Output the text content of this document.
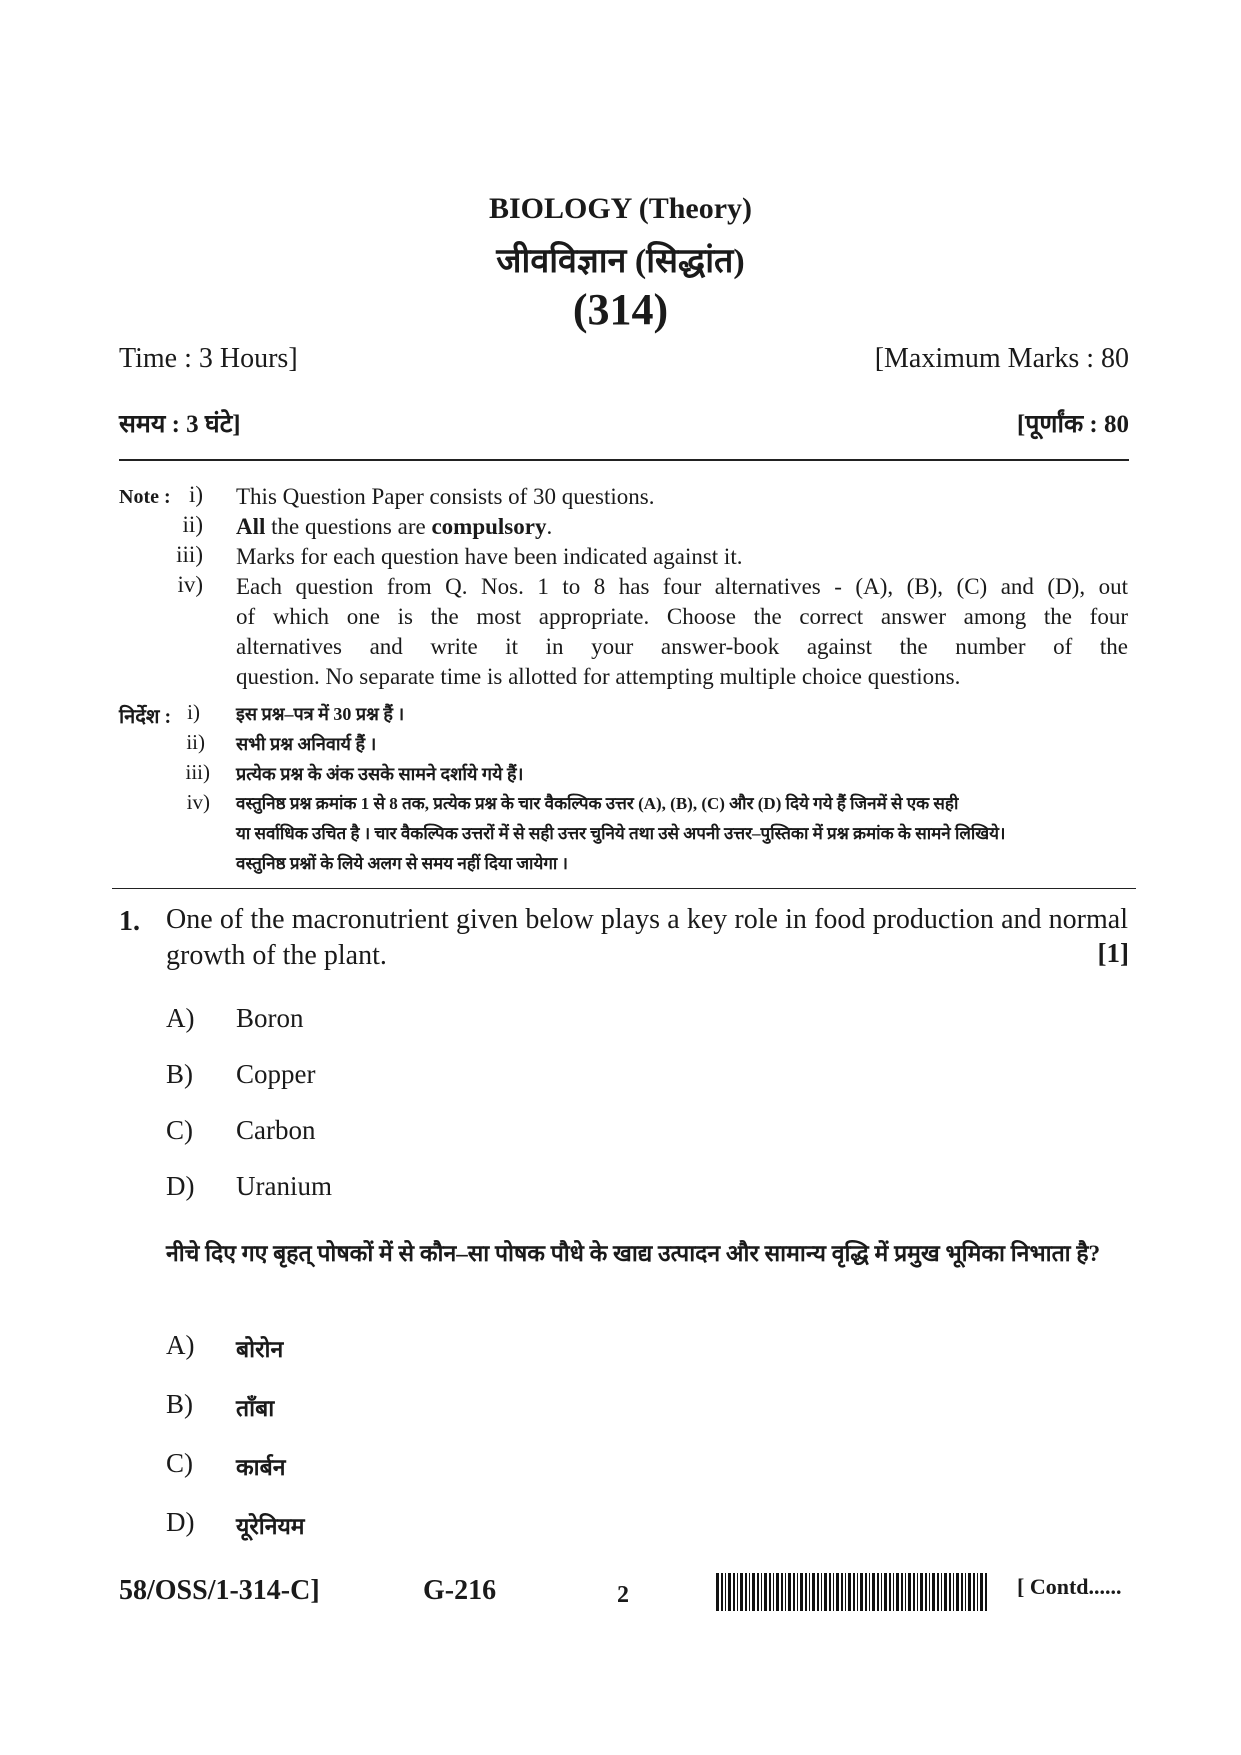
BIOLOGY (Theory)
जीवविज्ञान (सिद्धांत)
(314)
Time : 3 Hours]	[Maximum Marks : 80
समय : 3 घंटे]	[पूर्णांक : 80
Note : i) This Question Paper consists of 30 questions.
ii) All the questions are compulsory.
iii) Marks for each question have been indicated against it.
iv) Each question from Q. Nos. 1 to 8 has four alternatives - (A), (B), (C) and (D), out
of which one is the most appropriate. Choose the correct answer among the four
alternatives and write it in your answer-book against the number of the
question. No separate time is allotted for attempting multiple choice questions.
निर्देश : i) इस प्रश्न–पत्र में 30 प्रश्न हैं ।
ii) सभी प्रश्न अनिवार्य हैं ।
iii) प्रत्येक प्रश्न के अंक उसके सामने दर्शाये गये हैं।
iv) वस्तुनिष्ठ प्रश्न क्रमांक 1 से 8 तक, प्रत्येक प्रश्न के चार वैकल्पिक उत्तर (A), (B), (C) और (D) दिये गये हैं जिनमें से एक सही
या सर्वाधिक उचित है । चार वैकल्पिक उत्तरों में से सही उत्तर चुनिये तथा उसे अपनी उत्तर–पुस्तिका में प्रश्न क्रमांक के सामने लिखिये।
वस्तुनिष्ठ प्रश्नों के लिये अलग से समय नहीं दिया जायेगा ।
1. One of the macronutrient given below plays a key role in food production and normal growth of the plant.	[1]
A) Boron
B) Copper
C) Carbon
D) Uranium
नीचे दिए गए बृहत् पोषकों में से कौन–सा पोषक पौधे के खाद्य उत्पादन और सामान्य वृद्धि में प्रमुख भूमिका निभाता है?
A) बोरोन
B) ताँबा
C) कार्बन
D) यूरेनियम
58/OSS/1-314-C]	G-216	2	[ Contd......
